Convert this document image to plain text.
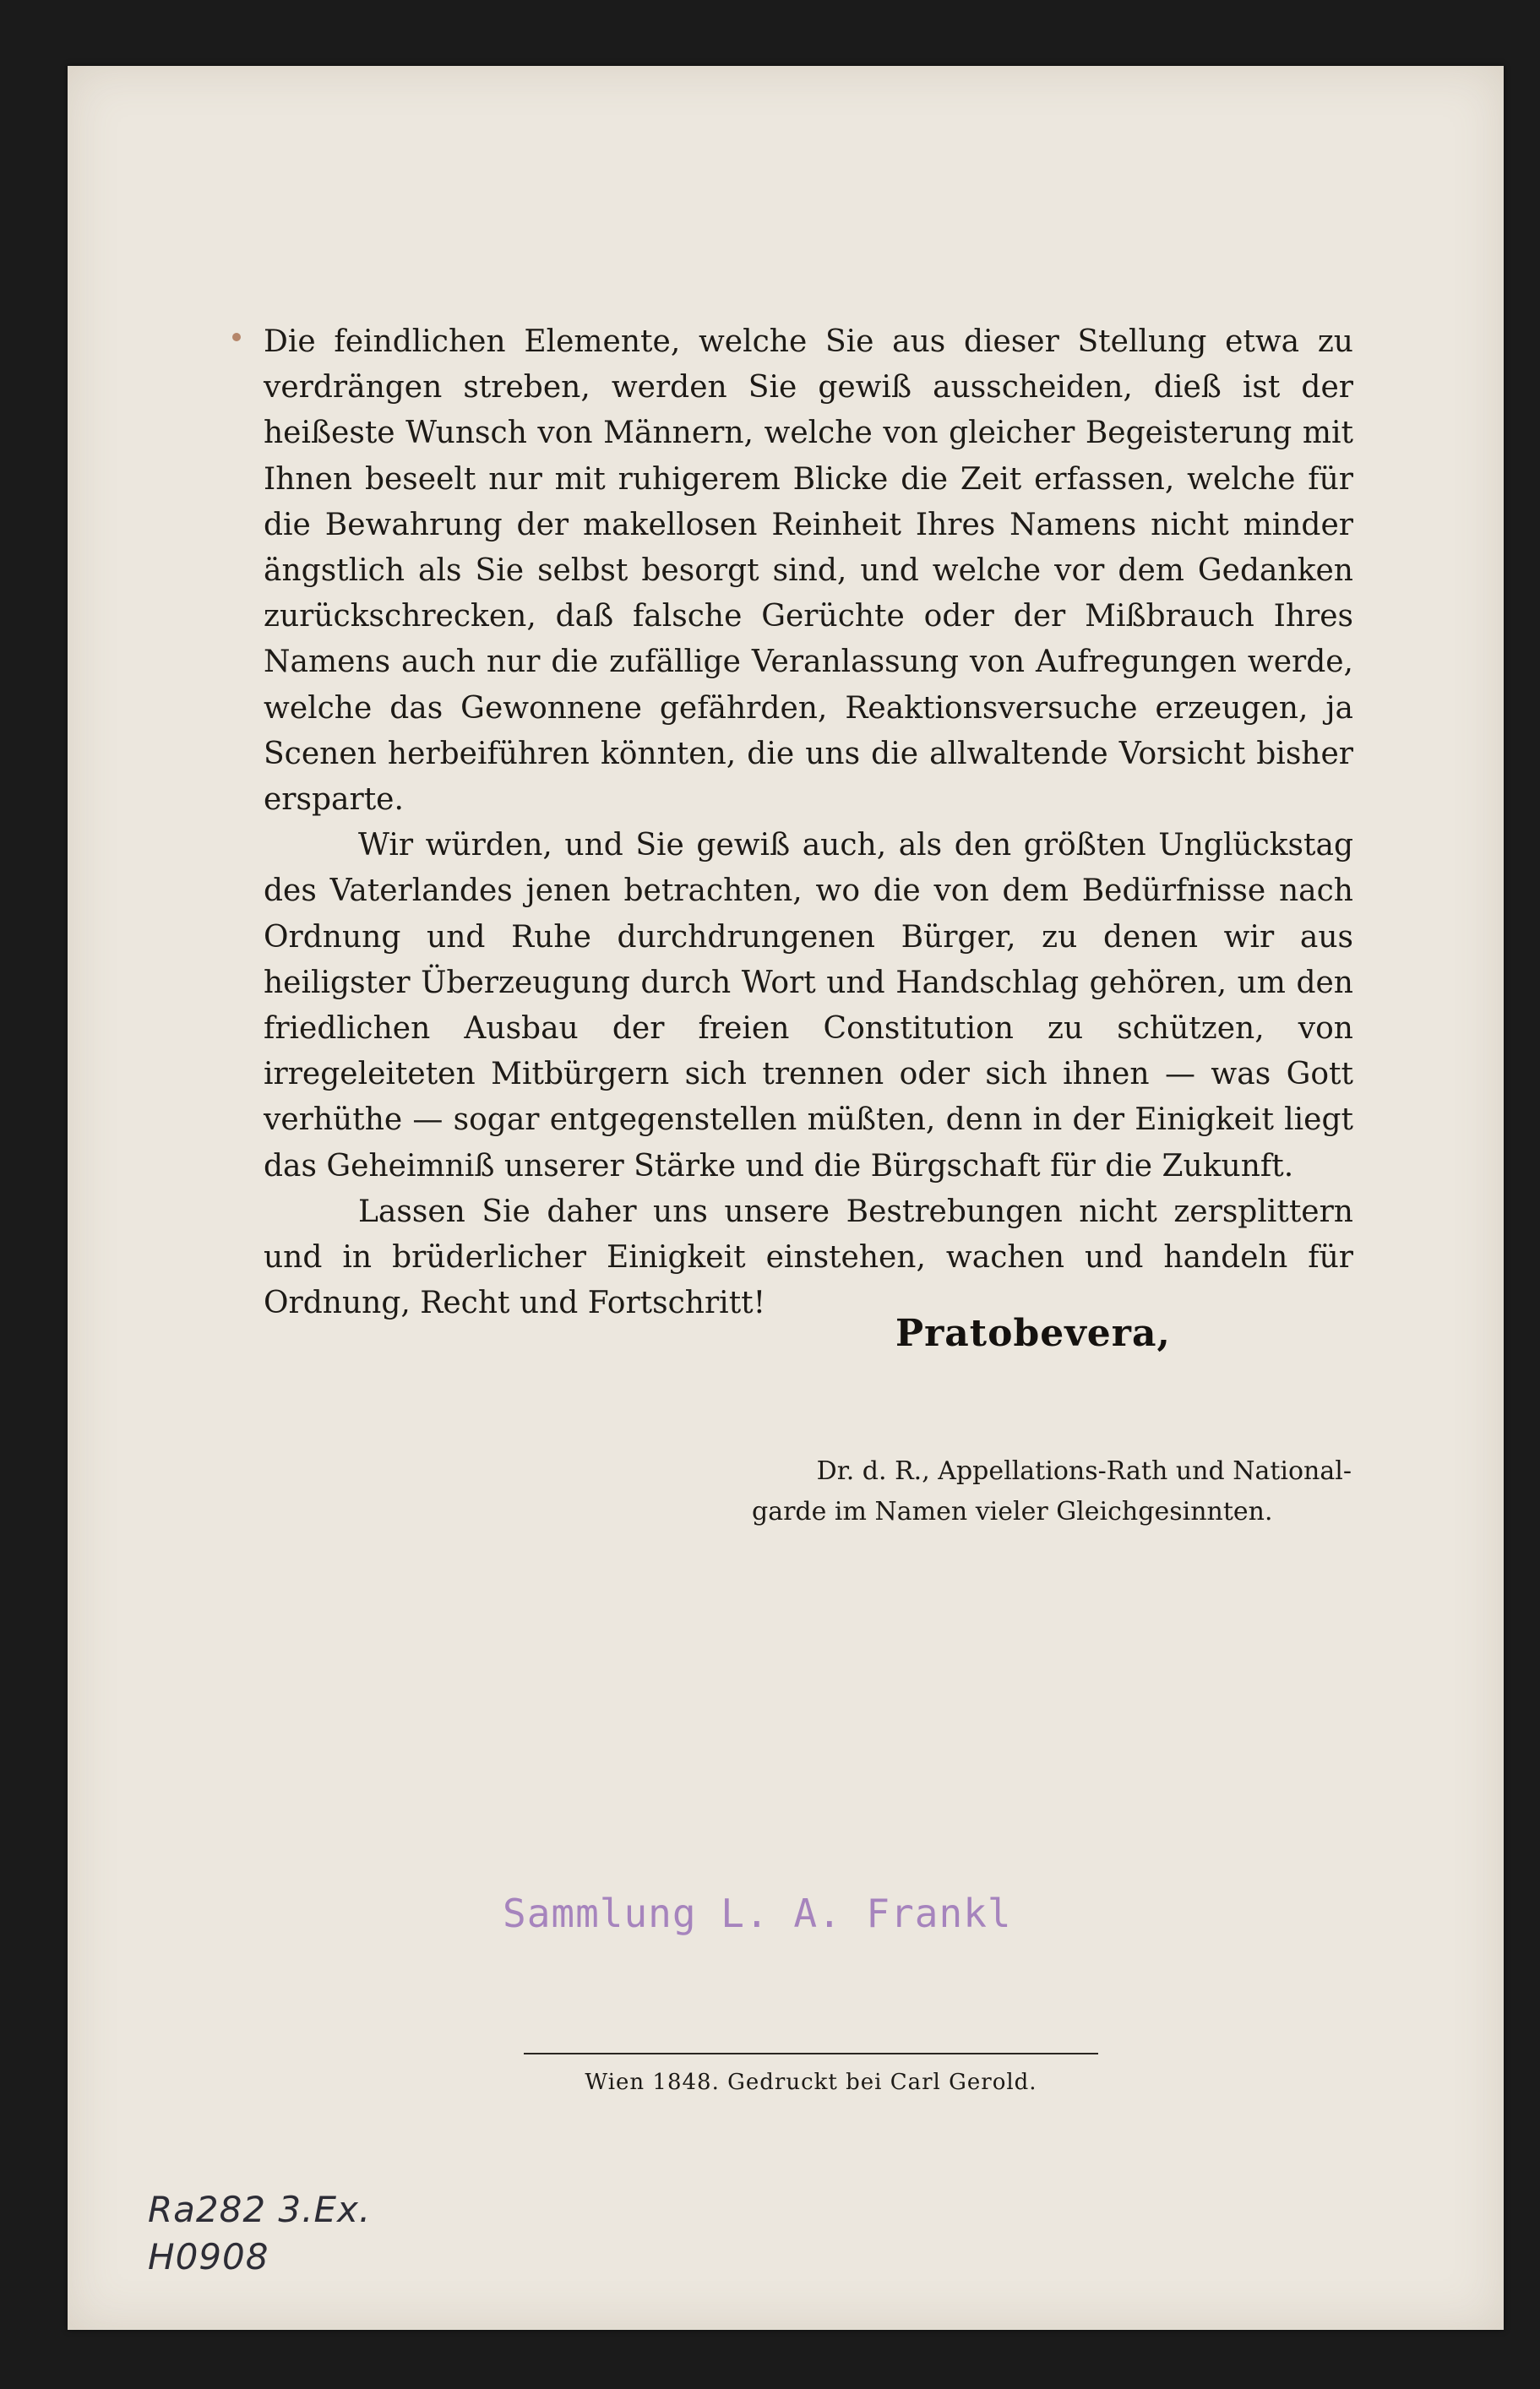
Die feindlichen Elemente, welche Sie aus dieser Stellung etwa zu verdrängen streben, werden Sie gewiß ausscheiden, dieß ist der heißeste Wunsch von Männern, welche von gleicher Begeisterung mit Ihnen beseelt nur mit ruhigerem Blicke die Zeit erfassen, welche für die Bewahrung der makellosen Reinheit Ihres Namens nicht minder ängstlich als Sie selbst besorgt sind, und welche vor dem Gedanken zurückschrecken, daß falsche Gerüchte oder der Mißbrauch Ihres Namens auch nur die zufällige Veranlassung von Aufregungen werde, welche das Gewonnene gefährden, Reaktionsversuche erzeugen, ja Scenen herbeiführen könnten, die uns die allwaltende Vorsicht bisher ersparte.

Wir würden, und Sie gewiß auch, als den größten Unglückstag des Vaterlandes jenen betrachten, wo die von dem Bedürfnisse nach Ordnung und Ruhe durchdrungenen Bürger, zu denen wir aus heiligster Überzeugung durch Wort und Handschlag gehören, um den friedlichen Ausbau der freien Constitution zu schützen, von irregeleiteten Mitbürgern sich trennen oder sich ihnen — was Gott verhüthe — sogar entgegenstellen müßten, denn in der Einigkeit liegt das Geheimniß unserer Stärke und die Bürgschaft für die Zukunft.

Lassen Sie daher uns unsere Bestrebungen nicht zersplittern und in brüderlicher Einigkeit einstehen, wachen und handeln für Ordnung, Recht und Fortschritt!

Pratobevera,
Dr. d. R., Appellations-Rath und National-
garde im Namen vieler Gleichgesinnten.
Sammlung L. A. Frankl
Wien 1848. Gedruckt bei Carl Gerold.
Ra282 3.Ex.
H0908
